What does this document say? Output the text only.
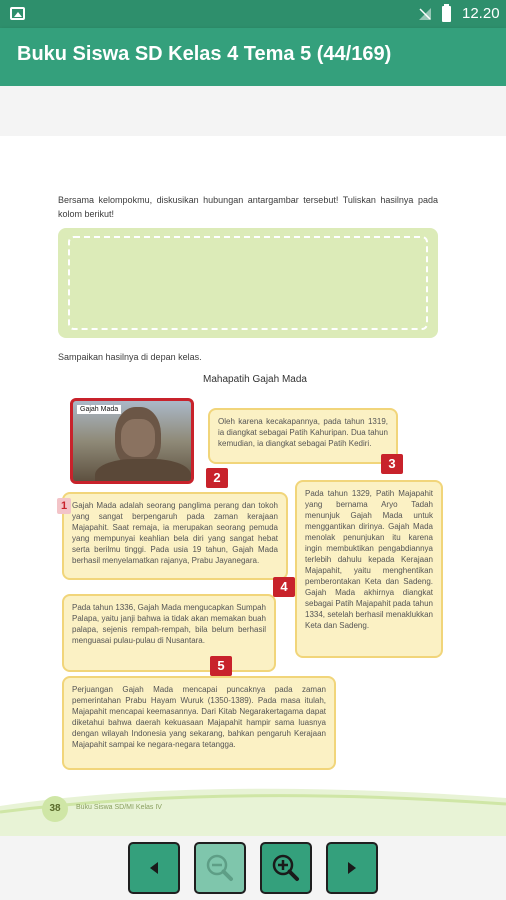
12.20
Buku Siswa SD Kelas 4 Tema 5 (44/169)
Bersama kelompokmu, diskusikan hubungan antargambar tersebut! Tuliskan hasilnya pada kolom berikut!
Sampaikan hasilnya di depan kelas.
Mahapatih Gajah Mada
Gajah Mada
Oleh karena kecakapannya, pada tahun 1319, ia diangkat sebagai Patih Kahuripan. Dua tahun kemudian, ia diangkat sebagai Patih Kediri.
2
Pada tahun 1329, Patih Majapahit yang bernama Aryo Tadah menunjuk Gajah Mada untuk menggantikan dirinya. Gajah Mada menolak penunjukan itu karena ingin membuktikan pengabdiannya terlebih dahulu kepada Kerajaan Majapahit, yaitu menghentikan pemberontakan Keta dan Sadeng. Gajah Mada akhirnya diangkat sebagai Patih Majapahit pada tahun 1334, setelah berhasil menaklukkan Keta dan Sadeng.
3
Gajah Mada adalah seorang panglima perang dan tokoh yang sangat berpengaruh pada zaman kerajaan Majapahit. Saat remaja, ia merupakan seorang pemuda yang mempunyai keahlian bela diri yang sangat hebat serta berilmu tinggi. Pada usia 19 tahun, Gajah Mada berhasil menyelamatkan rajanya, Prabu Jayanegara.
1
Pada tahun 1336, Gajah Mada mengucapkan Sumpah Palapa, yaitu janji bahwa ia tidak akan memakan buah palapa, sejenis rempah-rempah, bila belum berhasil menguasai pulau-pulau di Nusantara.
4
Perjuangan Gajah Mada mencapai puncaknya pada zaman pemerintahan Prabu Hayam Wuruk (1350-1389). Pada masa itulah, Majapahit mencapai keemasannya. Dari Kitab Negarakertagama dapat diketahui bahwa daerah kekuasaan Majapahit hampir sama luasnya dengan wilayah Indonesia yang sekarang, bahkan pengaruh Kerajaan Majapahit sampai ke negara-negara tetangga.
5
38	Buku Siswa SD/MI Kelas IV
